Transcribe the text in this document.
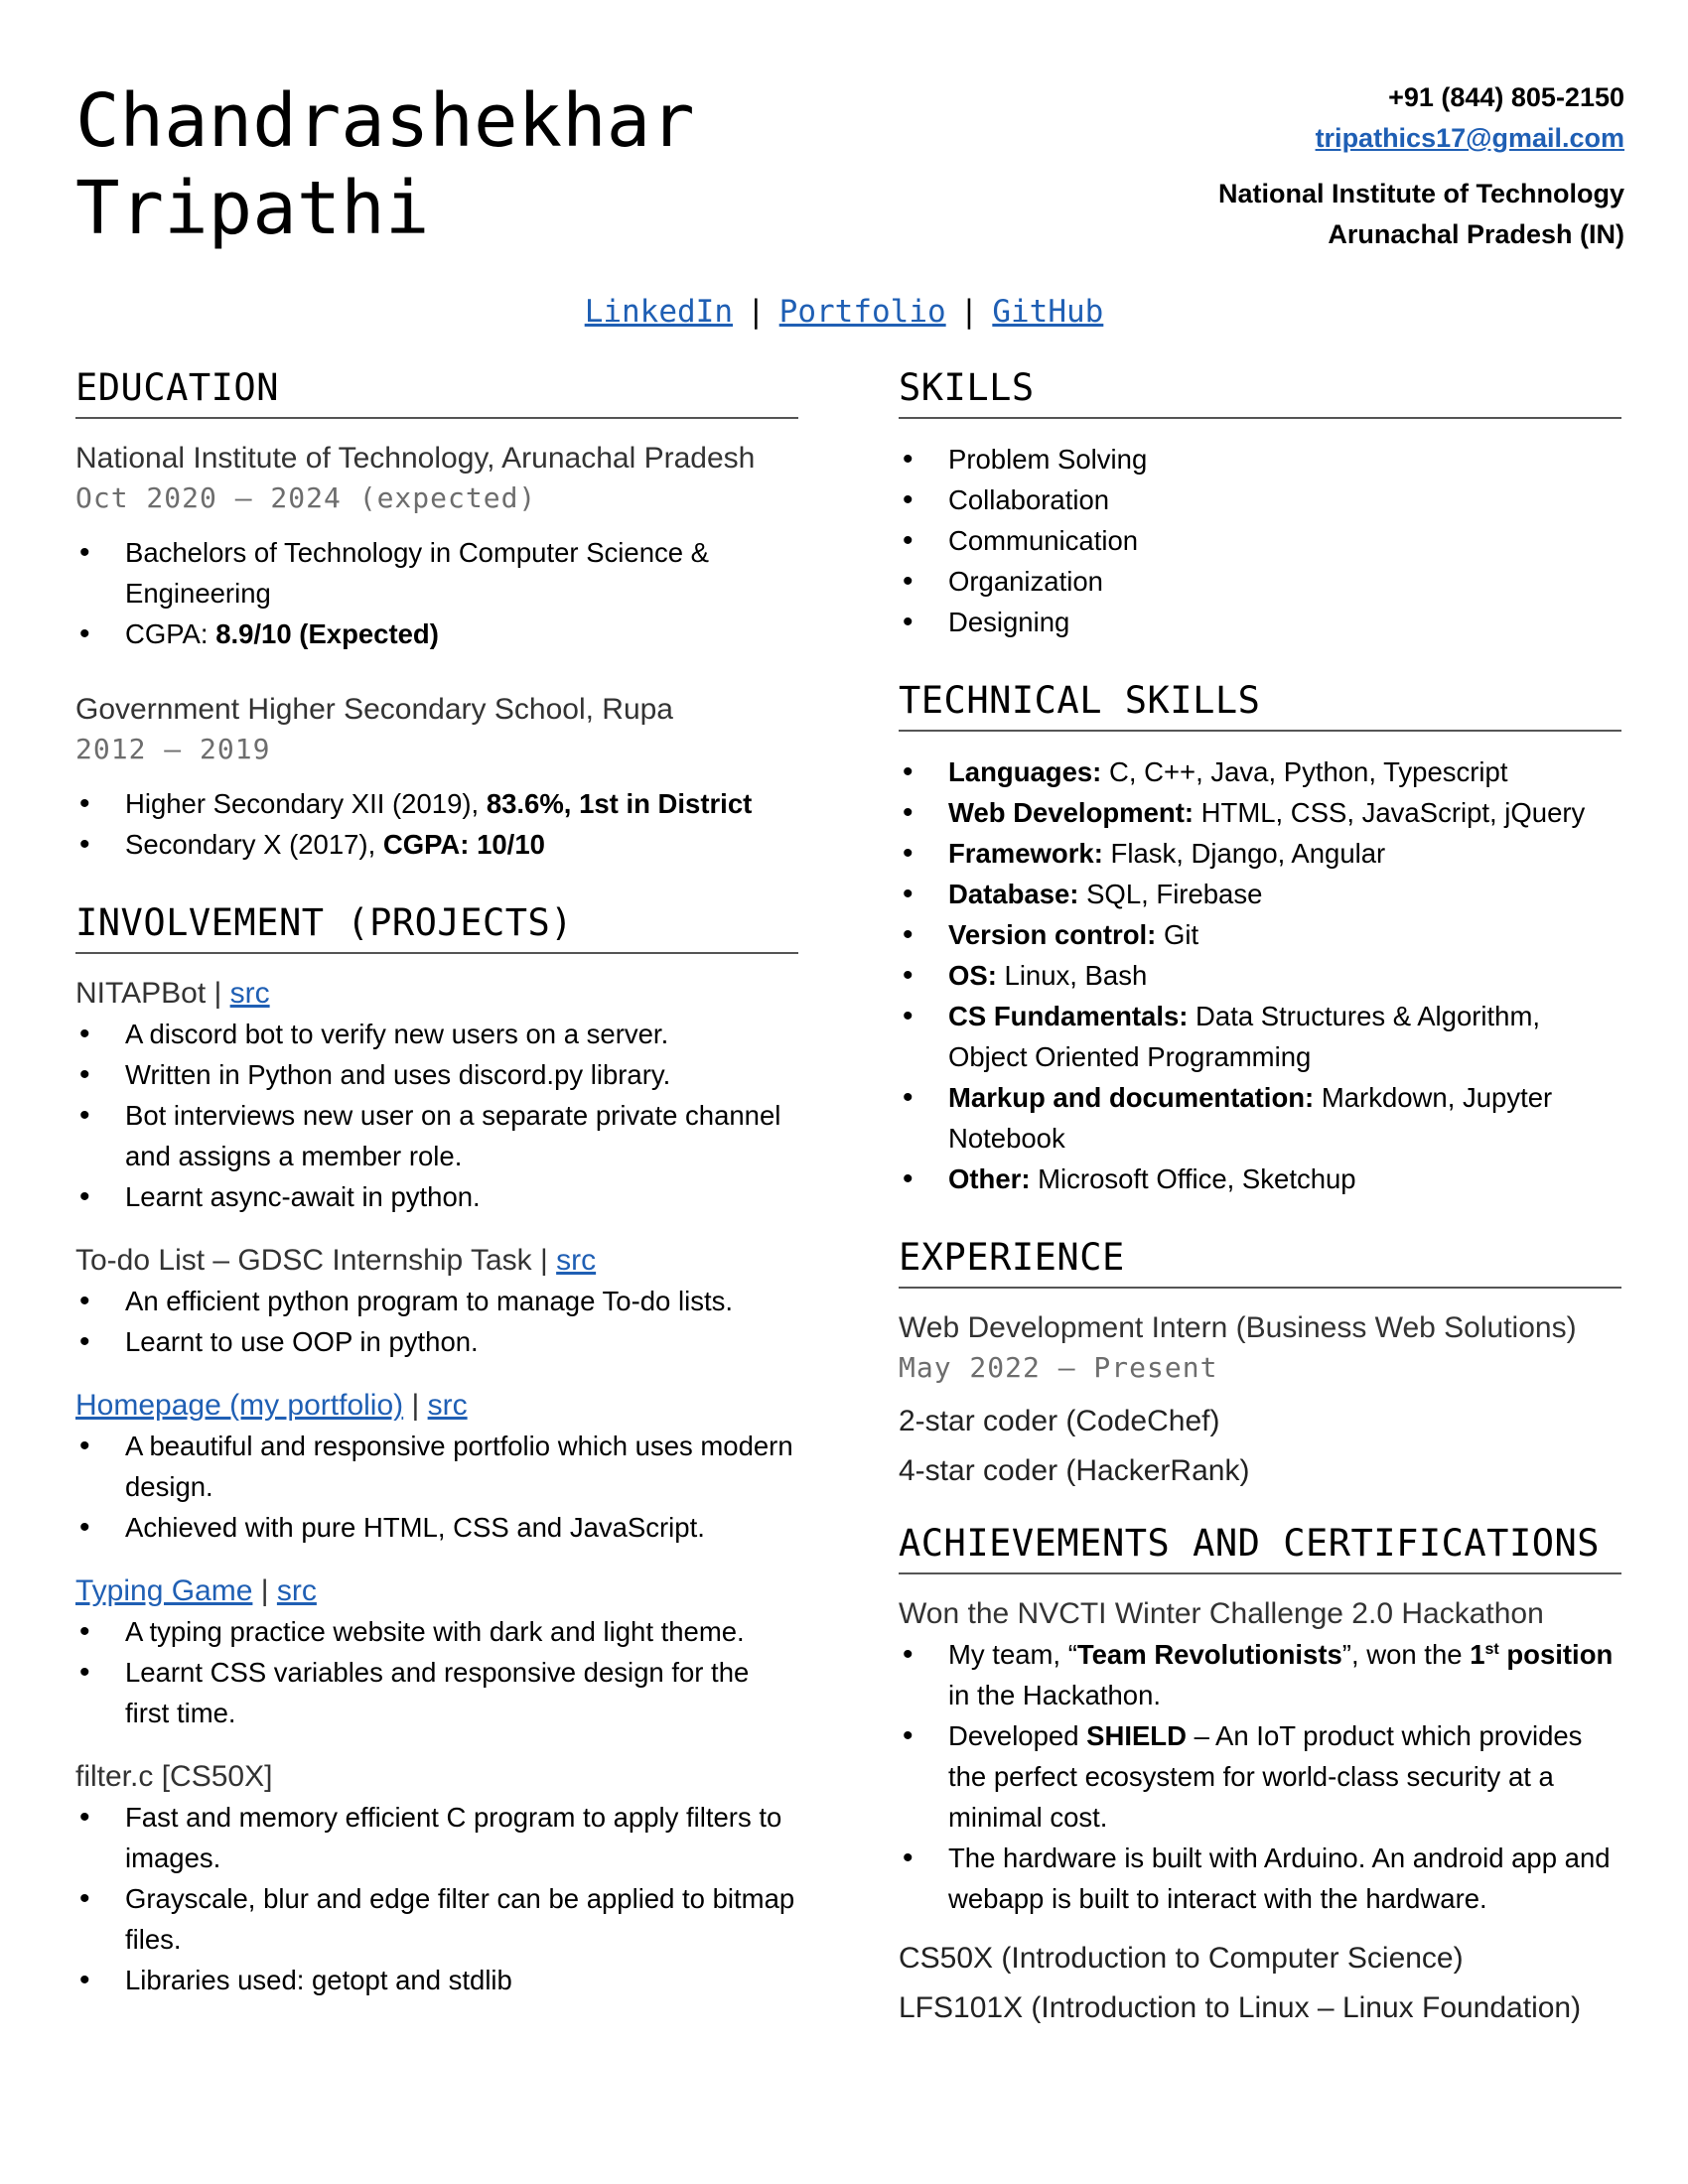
Chandrashekhar
Tripathi
+91 (844) 805-2150
tripathics17@gmail.com
National Institute of Technology
Arunachal Pradesh (IN)
LinkedIn | Portfolio | GitHub
EDUCATION
National Institute of Technology, Arunachal Pradesh
Oct 2020 – 2024 (expected)
• Bachelors of Technology in Computer Science & Engineering
• CGPA: 8.9/10 (Expected)
Government Higher Secondary School, Rupa
2012 – 2019
• Higher Secondary XII (2019), 83.6%, 1st in District
• Secondary X (2017), CGPA: 10/10
INVOLVEMENT (PROJECTS)
NITAPBot | src
• A discord bot to verify new users on a server.
• Written in Python and uses discord.py library.
• Bot interviews new user on a separate private channel and assigns a member role.
• Learnt async-await in python.
To-do List – GDSC Internship Task | src
• An efficient python program to manage To-do lists.
• Learnt to use OOP in python.
Homepage (my portfolio) | src
• A beautiful and responsive portfolio which uses modern design.
• Achieved with pure HTML, CSS and JavaScript.
Typing Game | src
• A typing practice website with dark and light theme.
• Learnt CSS variables and responsive design for the first time.
filter.c [CS50X]
• Fast and memory efficient C program to apply filters to images.
• Grayscale, blur and edge filter can be applied to bitmap files.
• Libraries used: getopt and stdlib
SKILLS
• Problem Solving
• Collaboration
• Communication
• Organization
• Designing
TECHNICAL SKILLS
• Languages: C, C++, Java, Python, Typescript
• Web Development: HTML, CSS, JavaScript, jQuery
• Framework: Flask, Django, Angular
• Database: SQL, Firebase
• Version control: Git
• OS: Linux, Bash
• CS Fundamentals: Data Structures & Algorithm, Object Oriented Programming
• Markup and documentation: Markdown, Jupyter Notebook
• Other: Microsoft Office, Sketchup
EXPERIENCE
Web Development Intern (Business Web Solutions)
May 2022 – Present
2-star coder (CodeChef)
4-star coder (HackerRank)
ACHIEVEMENTS AND CERTIFICATIONS
Won the NVCTI Winter Challenge 2.0 Hackathon
• My team, “Team Revolutionists”, won the 1st position in the Hackathon.
• Developed SHIELD – An IoT product which provides the perfect ecosystem for world-class security at a minimal cost.
• The hardware is built with Arduino. An android app and webapp is built to interact with the hardware.
CS50X (Introduction to Computer Science)
LFS101X (Introduction to Linux – Linux Foundation)
